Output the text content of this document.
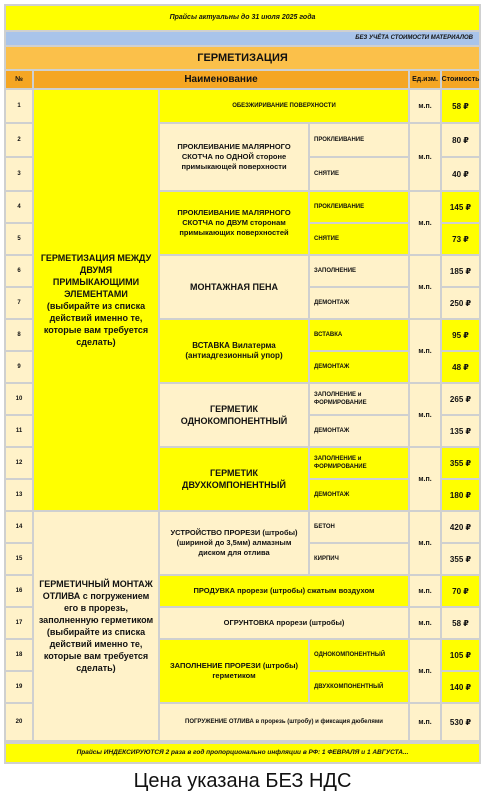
Прайсы актуальны до 31 июля 2025 года
БЕЗ УЧЁТА СТОИМОСТИ МАТЕРИАЛОВ
ГЕРМЕТИЗАЦИЯ
№	Наименование	Ед.изм. Стоимость
1
2
3
4
5
6
7
8
9
10
11
12
13
14
15
16
17
18
19
20
ГЕРМЕТИЗАЦИЯ МЕЖДУ ДВУМЯ ПРИМЫКАЮЩИМИ ЭЛЕМЕНТАМИ (выбирайте из списка действий именно те, которые вам требуется сделать)
ГЕРМЕТИЧНЫЙ МОНТАЖ ОТЛИВА с погружением его в прорезь, заполненную герметиком (выбирайте из списка действий именно те, которые вам требуется сделать)
ОБЕЗЖИРИВАНИЕ ПОВЕРХНОСТИ
ПРОКЛЕИВАНИЕ МАЛЯРНОГО СКОТЧА по ОДНОЙ стороне примыкающей поверхности
ПРОКЛЕИВАНИЕ
СНЯТИЕ
ПРОКЛЕИВАНИЕ МАЛЯРНОГО СКОТЧА по ДВУМ сторонам примыкающих поверхностей
ПРОКЛЕИВАНИЕ
СНЯТИЕ
МОНТАЖНАЯ ПЕНА
ЗАПОЛНЕНИЕ
ДЕМОНТАЖ
ВСТАВКА Вилатерма (антиадгезионный упор)
ВСТАВКА
ДЕМОНТАЖ
ГЕРМЕТИК ОДНОКОМПОНЕНТНЫЙ
ЗАПОЛНЕНИЕ и ФОРМИРОВАНИЕ
ДЕМОНТАЖ
ГЕРМЕТИК ДВУХКОМПОНЕНТНЫЙ
ЗАПОЛНЕНИЕ и ФОРМИРОВАНИЕ
ДЕМОНТАЖ
УСТРОЙСТВО ПРОРЕЗИ (штробы) (шириной до 3,5мм) алмазным диском для отлива
БЕТОН
КИРПИЧ
ПРОДУВКА прорези (штробы) сжатым воздухом
ОГРУНТОВКА прорези (штробы)
ЗАПОЛНЕНИЕ ПРОРЕЗИ (штробы) герметиком
ОДНОКОМПОНЕНТНЫЙ
ДВУХКОМПОНЕНТНЫЙ
ПОГРУЖЕНИЕ ОТЛИВА в прорезь (штробу) и фиксация дюбелями
м.п.
м.п.
м.п.
м.п.
м.п.
м.п.
м.п.
м.п.
м.п.
м.п.
м.п.
м.п.
58 ₽
80 ₽
40 ₽
145 ₽
73 ₽
185 ₽
250 ₽
95 ₽
48 ₽
265 ₽
135 ₽
355 ₽
180 ₽
420 ₽
355 ₽
70 ₽
58 ₽
105 ₽
140 ₽
530 ₽
Прайсы ИНДЕКСИРУЮТСЯ 2 раза в год пропорционально инфляции в РФ: 1 ФЕВРАЛЯ и 1 АВГУСТА...
Цена указана БЕЗ НДС
